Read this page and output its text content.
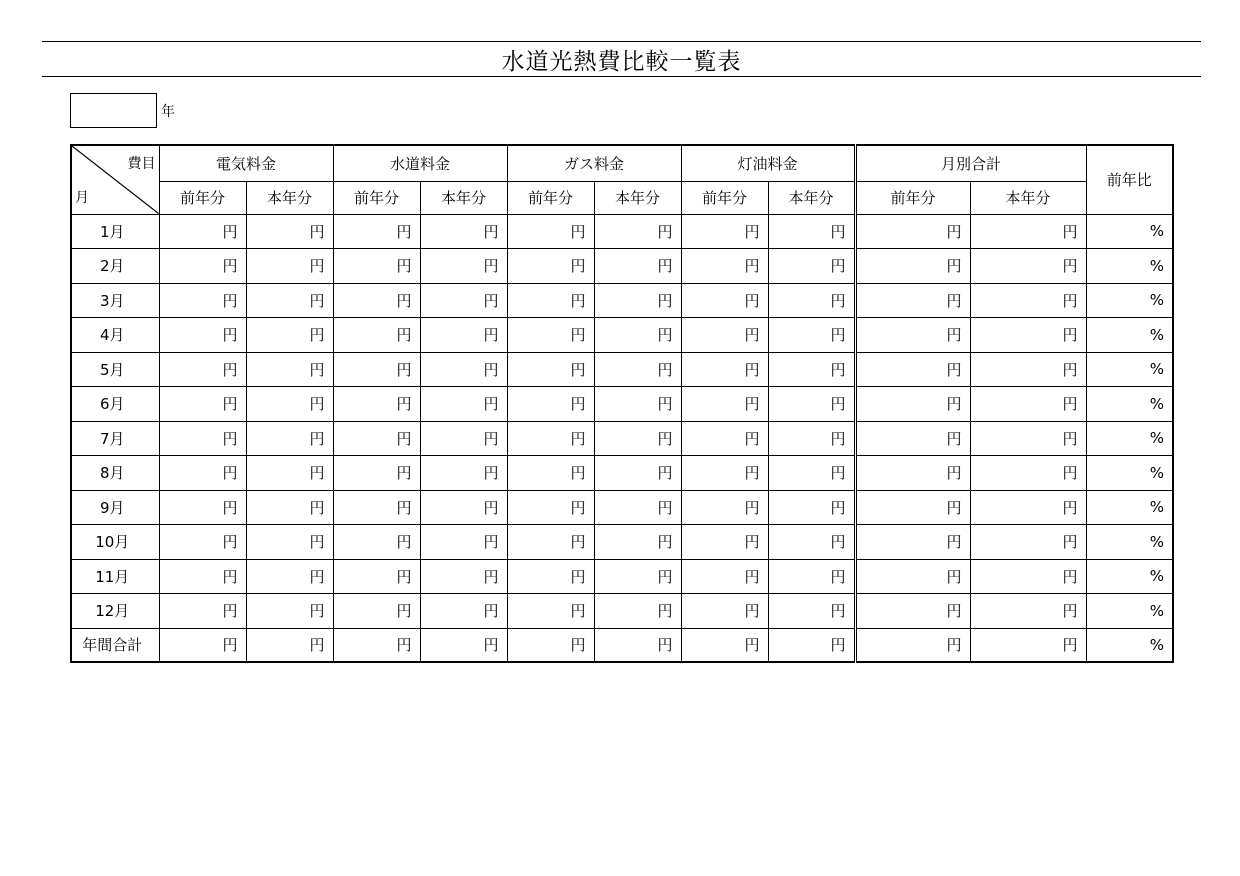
水道光熱費比較一覧表
年
費目
月	電気料金		水道料金		ガス料金		灯油料金		月別合計		前年比
	前年分	本年分	前年分	本年分	前年分	本年分	前年分	本年分	前年分	本年分	
1月	円	円	円	円	円	円	円	円	円	円	%
2月	円	円	円	円	円	円	円	円	円	円	%
3月	円	円	円	円	円	円	円	円	円	円	%
4月	円	円	円	円	円	円	円	円	円	円	%
5月	円	円	円	円	円	円	円	円	円	円	%
6月	円	円	円	円	円	円	円	円	円	円	%
7月	円	円	円	円	円	円	円	円	円	円	%
8月	円	円	円	円	円	円	円	円	円	円	%
9月	円	円	円	円	円	円	円	円	円	円	%
10月	円	円	円	円	円	円	円	円	円	円	%
11月	円	円	円	円	円	円	円	円	円	円	%
12月	円	円	円	円	円	円	円	円	円	円	%
年間合計	円	円	円	円	円	円	円	円	円	円	%
